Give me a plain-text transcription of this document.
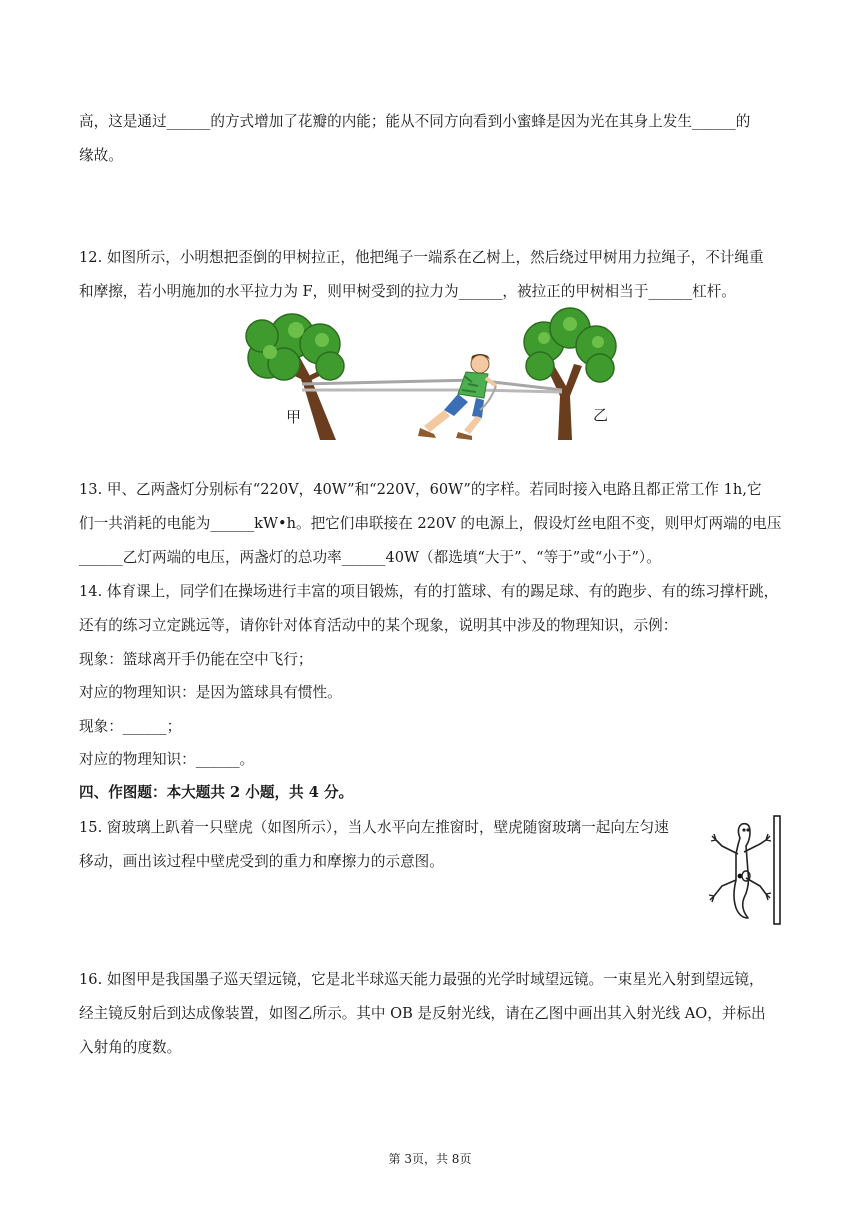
高，这是通过______的方式增加了花瓣的内能；能从不同方向看到小蜜蜂是因为光在其身上发生______的
缘故。
12. 如图所示，小明想把歪倒的甲树拉正，他把绳子一端系在乙树上，然后绕过甲树用力拉绳子，不计绳重
和摩擦，若小明施加的水平拉力为 F，则甲树受到的拉力为______，被拉正的甲树相当于______杠杆。
甲	乙
13. 甲、乙两盏灯分别标有“220V，40W”和“220V，60W”的字样。若同时接入电路且都正常工作 1h,它
们一共消耗的电能为______kW•h。把它们串联接在 220V 的电源上，假设灯丝电阻不变，则甲灯两端的电压
______乙灯两端的电压，两盏灯的总功率______40W（都选填“大于”、“等于”或“小于”）。
14. 体育课上，同学们在操场进行丰富的项目锻炼，有的打篮球、有的踢足球、有的跑步、有的练习撑杆跳，
还有的练习立定跳远等，请你针对体育活动中的某个现象，说明其中涉及的物理知识，示例：
现象：篮球离开手仍能在空中飞行；
对应的物理知识：是因为篮球具有惯性。
现象：______；
对应的物理知识：______。
四、作图题：本大题共 2 小题，共 4 分。
15. 窗玻璃上趴着一只壁虎（如图所示），当人水平向左推窗时，壁虎随窗玻璃一起向左匀速
移动，画出该过程中壁虎受到的重力和摩擦力的示意图。
16. 如图甲是我国墨子巡天望远镜，它是北半球巡天能力最强的光学时域望远镜。一束星光入射到望远镜，
经主镜反射后到达成像装置，如图乙所示。其中 OB 是反射光线，请在乙图中画出其入射光线 AO，并标出
入射角的度数。
第 3页，共 8页
